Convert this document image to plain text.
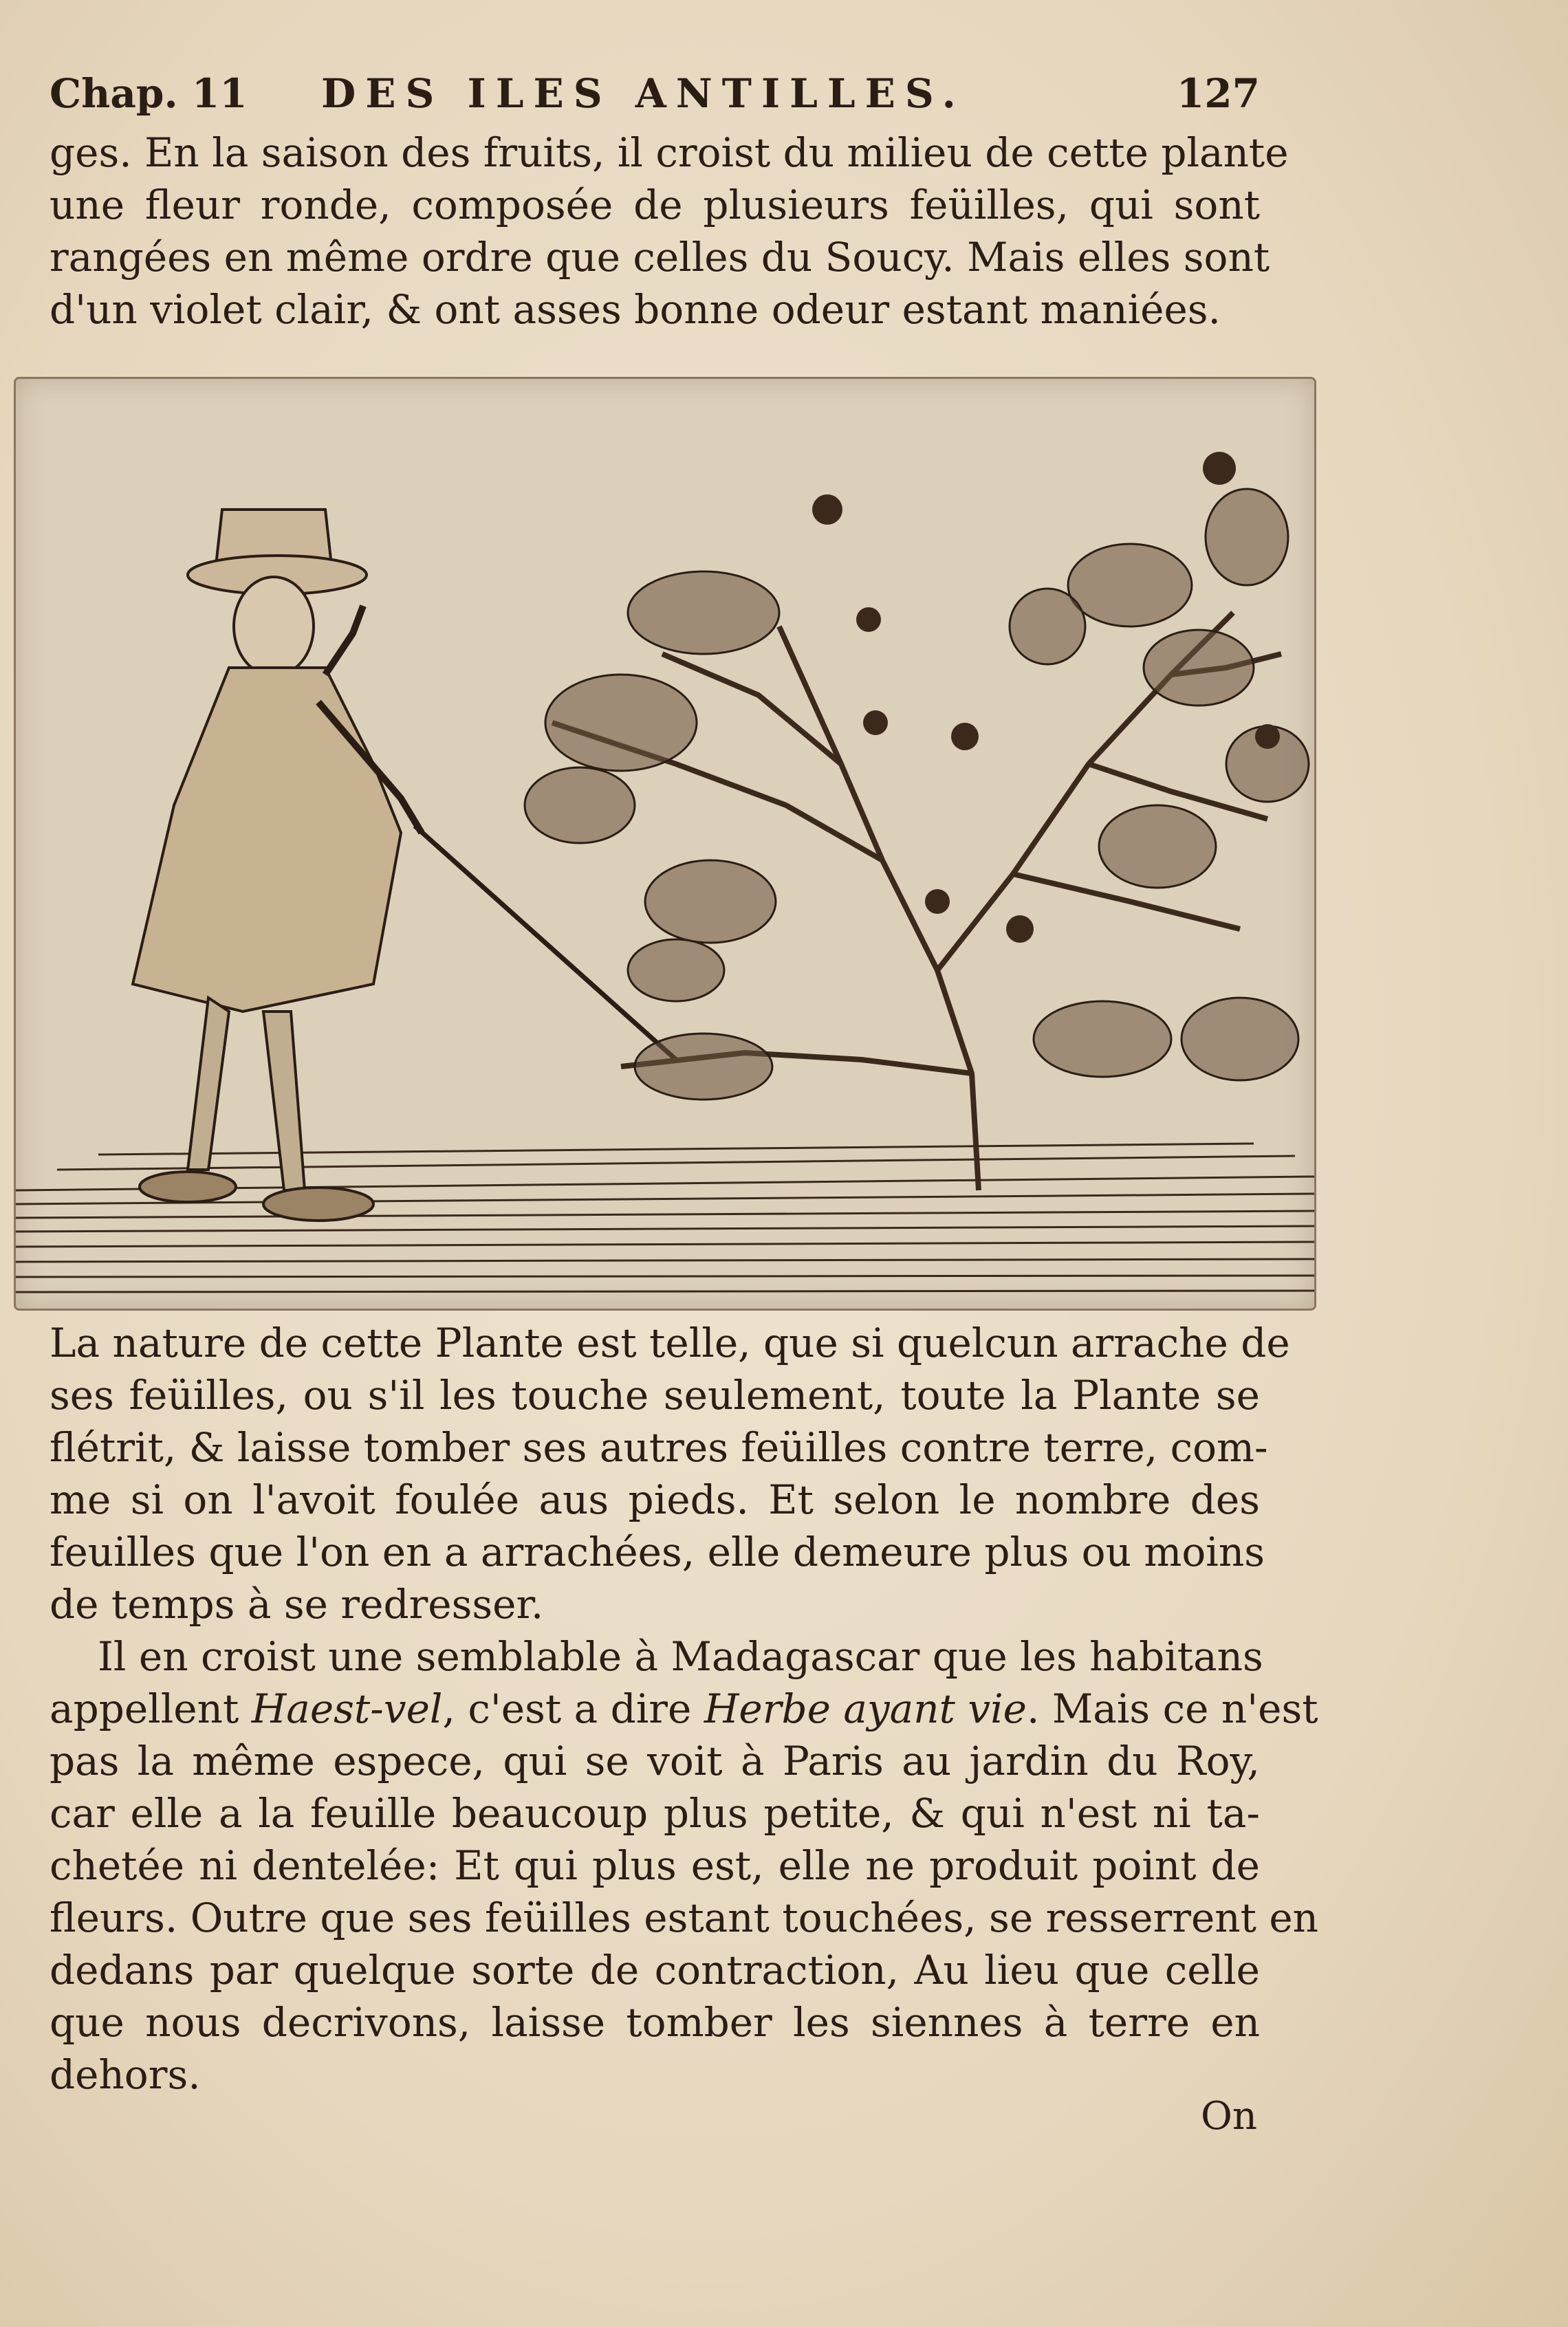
Chap. 11 DES ILES ANTILLES.	127
ges. En la saison des fruits, il croist du milieu de cette plante
une fleur ronde, composée de plusieurs feüilles, qui sont
rangées en même ordre que celles du Soucy. Mais elles sont
d'un violet clair, & ont asses bonne odeur estant maniées.
La nature de cette Plante est telle, que si quelcun arrache de
ses feüilles, ou s'il les touche seulement, toute la Plante se
flétrit, & laisse tomber ses autres feüilles contre terre, com-
me si on l'avoit foulée aus pieds. Et selon le nombre des
feuilles que l'on en a arrachées, elle demeure plus ou moins
de temps à se redresser.
Il en croist une semblable à Madagascar que les habitans
appellent Haest-vel, c'est a dire Herbe ayant vie. Mais ce n'est
pas la même espece, qui se voit à Paris au jardin du Roy,
car elle a la feuille beaucoup plus petite, & qui n'est ni ta-
chetée ni dentelée: Et qui plus est, elle ne produit point de
fleurs. Outre que ses feüilles estant touchées, se resserrent en
dedans par quelque sorte de contraction, Au lieu que celle
que nous decrivons, laisse tomber les siennes à terre en
dehors.
On
